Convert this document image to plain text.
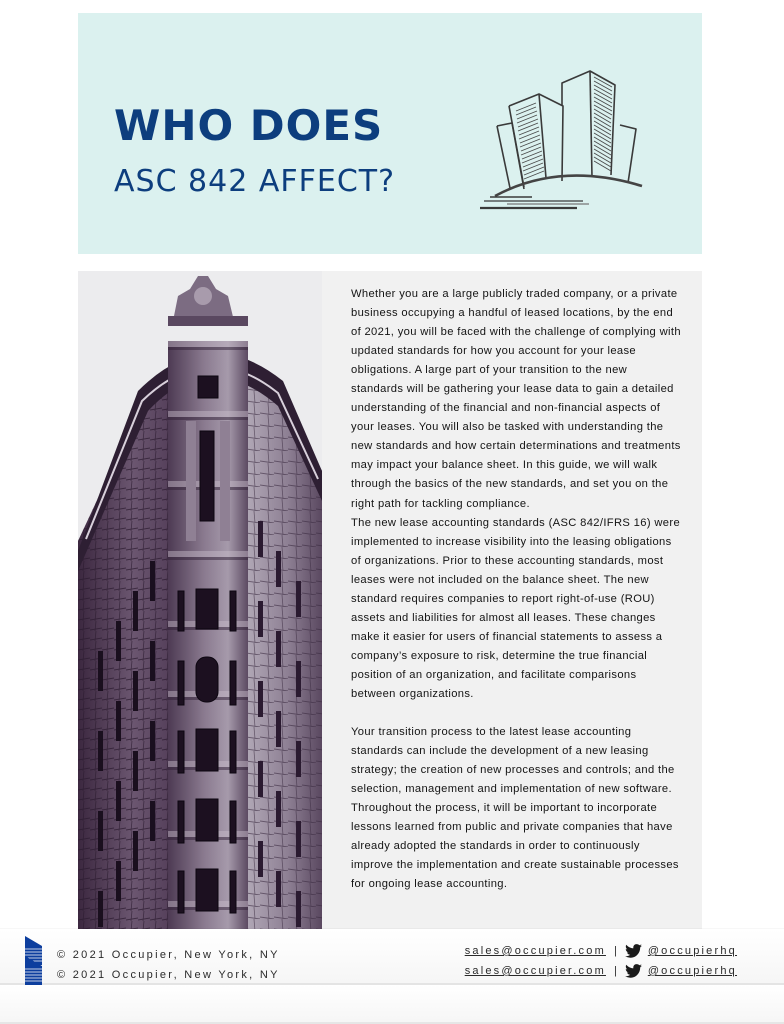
WHO DOES
ASC 842 AFFECT?

Whether you are a large publicly traded company, or a private business occupying a handful of leased locations, by the end of 2021, you will be faced with the challenge of complying with updated standards for how you account for your lease obligations. A large part of your transition to the new standards will be gathering your lease data to gain a detailed understanding of the financial and non-financial aspects of your leases. You will also be tasked with understanding the new standards and how certain determinations and treatments may impact your balance sheet. In this guide, we will walk through the basics of the new standards, and set you on the right path for tackling compliance.

The new lease accounting standards (ASC 842/IFRS 16) were implemented to increase visibility into the leasing obligations of organizations. Prior to these accounting standards, most leases were not included on the balance sheet. The new standard requires companies to report right-of-use (ROU) assets and liabilities for almost all leases. These changes make it easier for users of financial statements to assess a company’s exposure to risk, determine the true financial position of an organization, and facilitate comparisons between organizations.

Your transition process to the latest lease accounting standards can include the development of a new leasing strategy; the creation of new processes and controls; and the selection, management and implementation of new software. Throughout the process, it will be important to incorporate lessons learned from public and private companies that have already adopted the standards in order to continuously improve the implementation and create sustainable processes for ongoing lease accounting.

© 2021 Occupier, New York, NY	sales@occupier.com |	@occupierhq
© 2021 Occupier, New York, NY	sales@occupier.com |	@occupierhq
